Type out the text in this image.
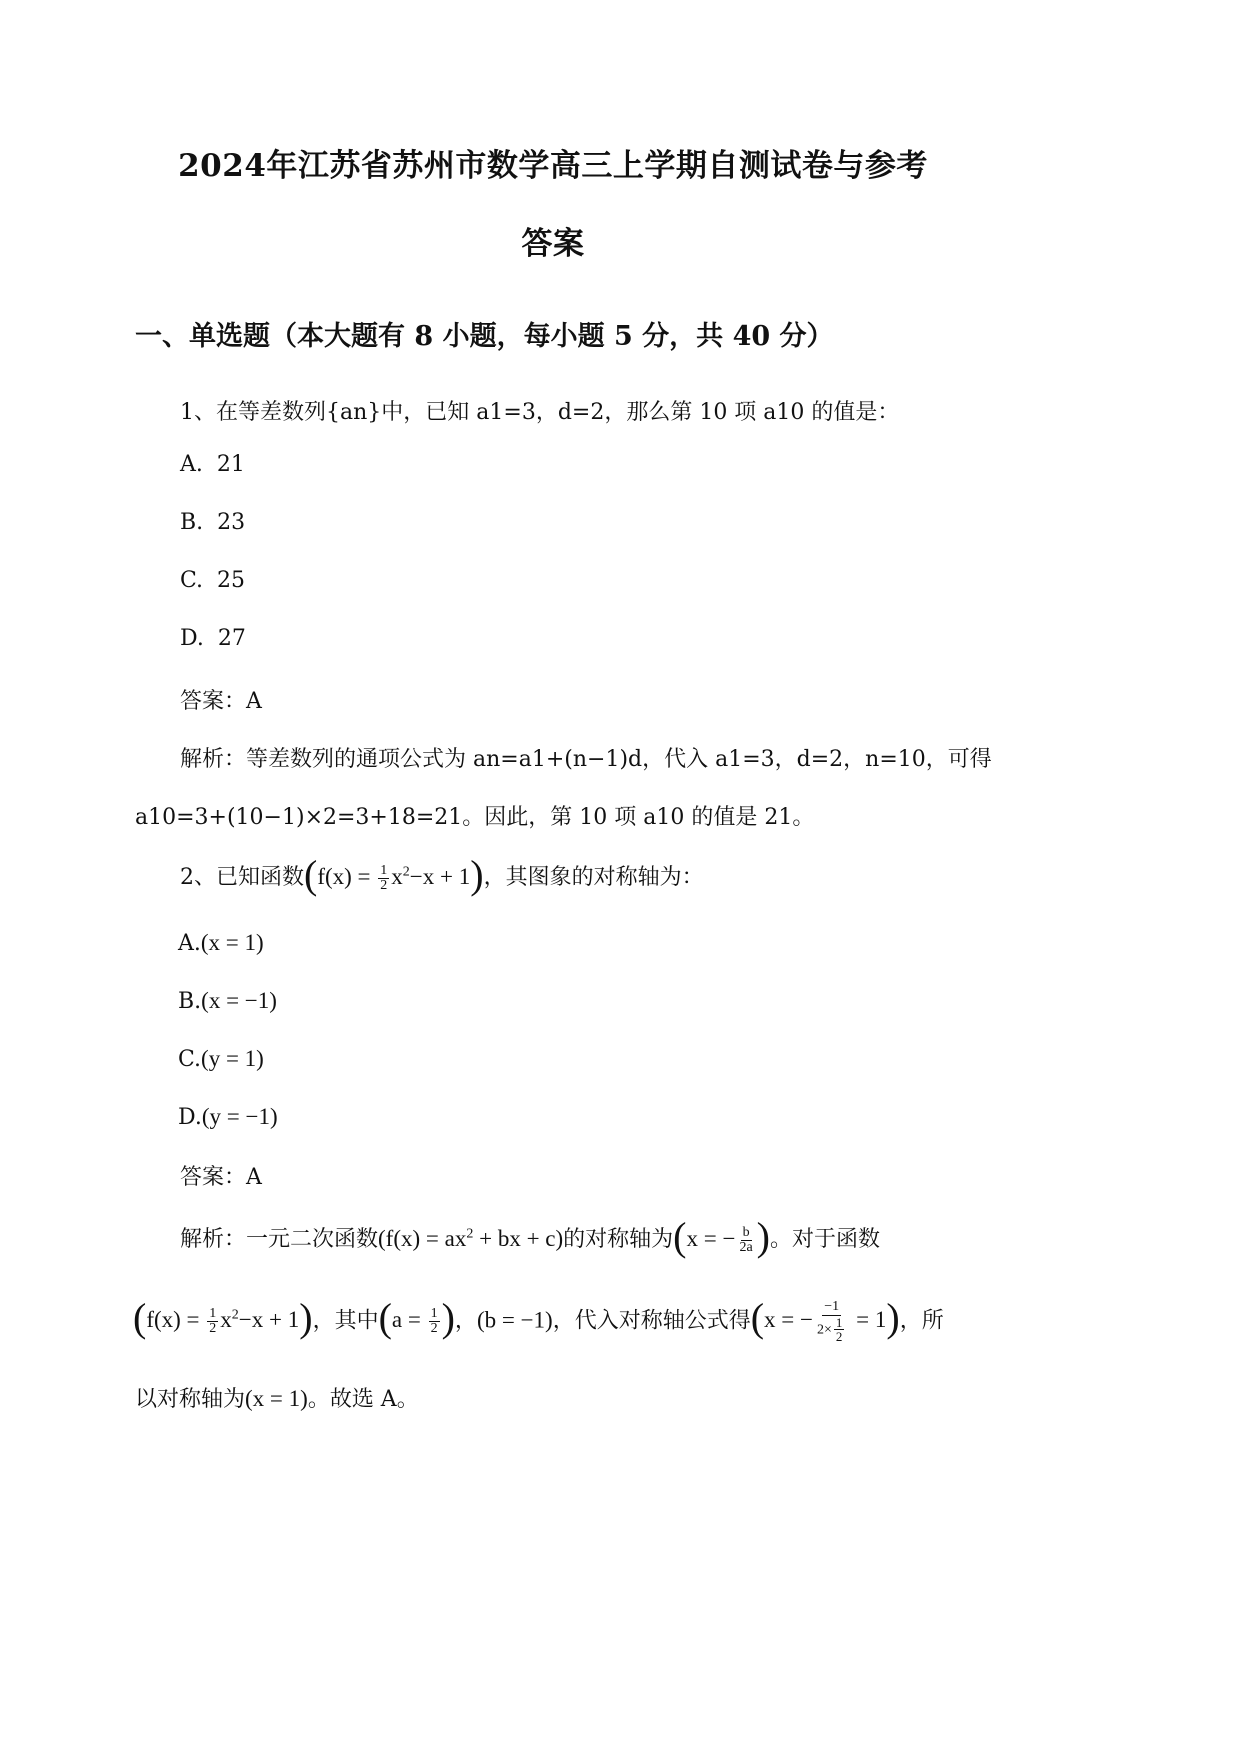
2024年江苏省苏州市数学高三上学期自测试卷与参考
答案
一、单选题（本大题有 8 小题，每小题 5 分，共 40 分）
1、在等差数列{an}中，已知 a1=3，d=2，那么第 10 项 a10 的值是：
A. 21
B. 23
C. 25
D. 27
答案：A
解析：等差数列的通项公式为 an=a1+(n−1)d，代入 a1=3，d=2，n=10，可得
a10=3+(10−1)×2=3+18=21。因此，第 10 项 a10 的值是 21。
2、已知函数$(f(x) = \frac{1}{2} x^2-x + 1)$，其图象的对称轴为：
A.(x = 1)
B.(x = −1)
C.(y = 1)
D.(y = −1)
答案：A
解析：一元二次函数($f(x) = ax^2$ + bx + c)的对称轴为(x = − $\frac{b}{2a}$ )。对于函数
$(f(x) = \frac{1}{2} x^2-x + 1)$，其中($a = \frac{1}{2}$ )，(b = −1)，代入对称轴公式得(x = − $\frac{-1}{2\times \frac{1}{2}} = 1$)，所
以对称轴为(x = 1)。故选 A。
